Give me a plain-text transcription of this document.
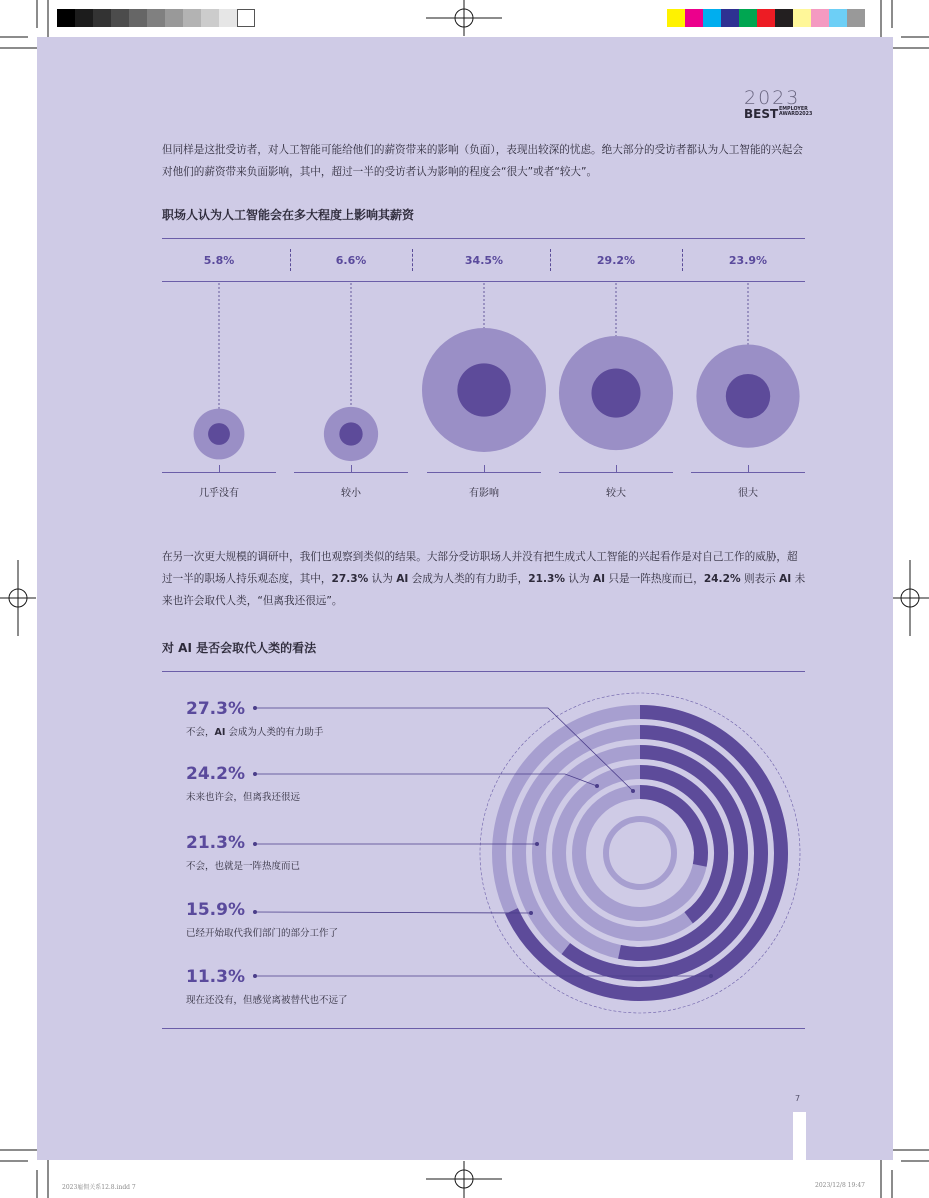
2023
BEST EMPLOYER
AWARD2023
但同样是这批受访者，对人工智能可能给他们的薪资带来的影响（负面），表现出较深的忧虑。绝大部分的受访者都认为人工智能的兴起会对他们的薪资带来负面影响，其中，超过一半的受访者认为影响的程度会“很大”或者“较大”。
职场人认为人工智能会在多大程度上影响其薪资
5.8%	6.6%	34.5%	29.2%	23.9%
几乎没有	较小	有影响	较大	很大
在另一次更大规模的调研中，我们也观察到类似的结果。大部分受访职场人并没有把生成式人工智能的兴起看作是对自己工作的威胁，超过一半的职场人持乐观态度，其中，27.3% 认为 AI 会成为人类的有力助手，21.3% 认为 AI 只是一阵热度而已，24.2% 则表示 AI 未来也许会取代人类，“但离我还很远”。
对 AI 是否会取代人类的看法
27.3%
不会，AI 会成为人类的有力助手
24.2%
未来也许会，但离我还很远
21.3%
不会，也就是一阵热度而已
15.9%
已经开始取代我们部门的部分工作了
11.3%
现在还没有，但感觉离被替代也不远了
7
2023雇佣关系12.8.indd 7	2023/12/8 19:47
